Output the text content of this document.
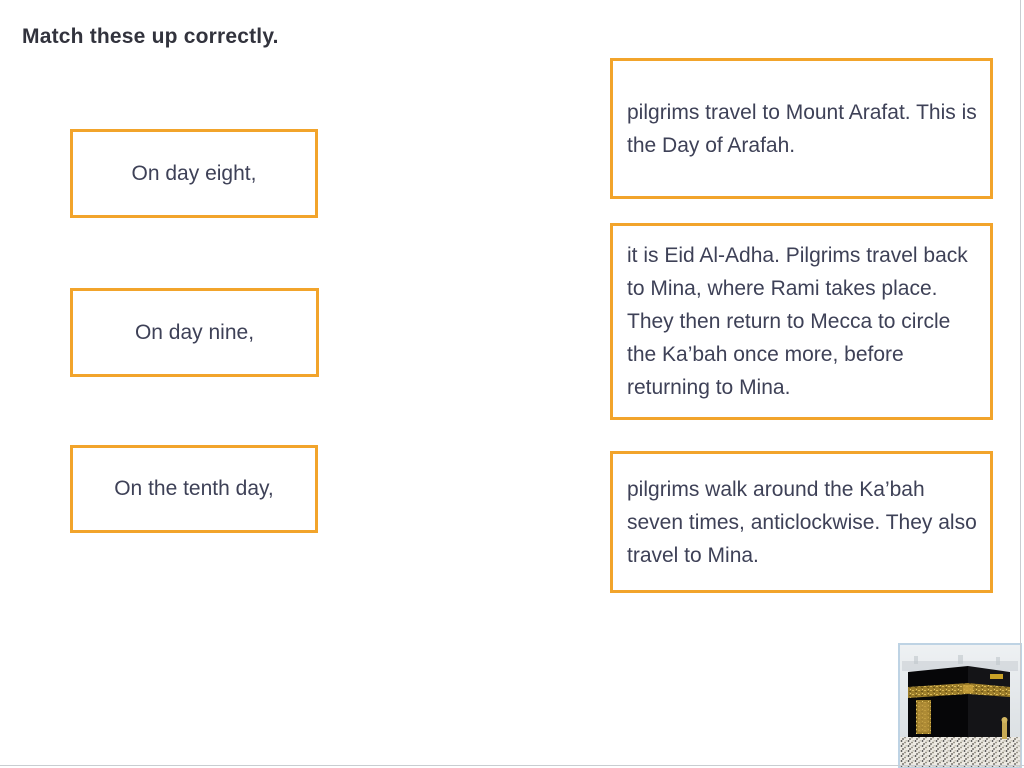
Match these up correctly.
On day eight,
On day nine,
On the tenth day,
pilgrims travel to Mount Arafat. This is the Day of Arafah.
it is Eid Al-Adha. Pilgrims travel back to Mina, where Rami takes place. They then return to Mecca to circle the Ka’bah once more, before returning to Mina.
pilgrims walk around the Ka’bah seven times, anticlockwise. They also travel to Mina.
